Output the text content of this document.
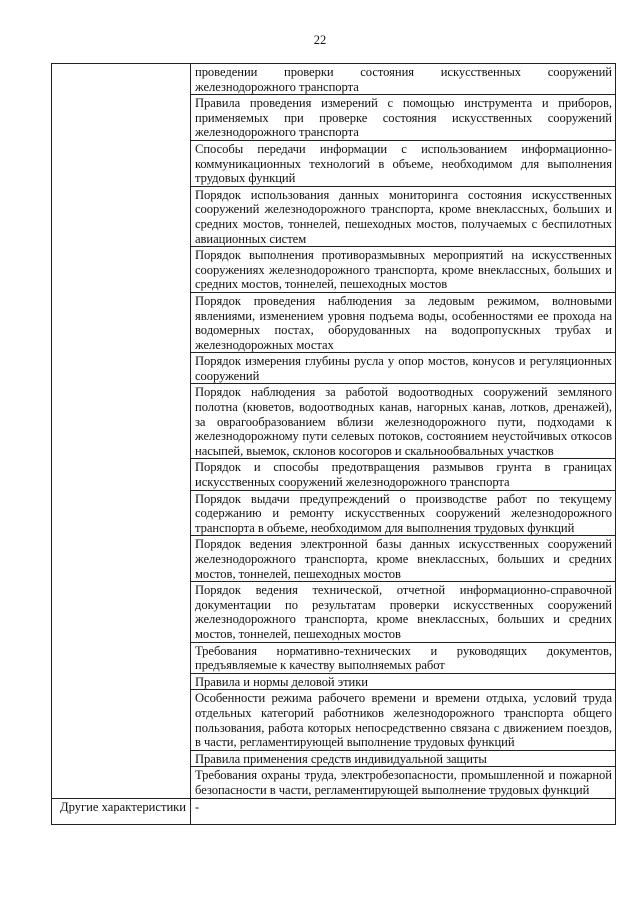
22
	проведении проверки состояния искусственных сооружений железнодорожного транспорта
	Правила проведения измерений с помощью инструмента и приборов, применяемых при проверке состояния искусственных сооружений железнодорожного транспорта
	Способы передачи информации с использованием информационно-коммуникационных технологий в объеме, необходимом для выполнения трудовых функций
	Порядок использования данных мониторинга состояния искусственных сооружений железнодорожного транспорта, кроме внеклассных, больших и средних мостов, тоннелей, пешеходных мостов, получаемых с беспилотных авиационных систем
	Порядок выполнения противоразмывных мероприятий на искусственных сооружениях железнодорожного транспорта, кроме внеклассных, больших и средних мостов, тоннелей, пешеходных мостов
	Порядок проведения наблюдения за ледовым режимом, волновыми явлениями, изменением уровня подъема воды, особенностями ее прохода на водомерных постах, оборудованных на водопропускных трубах и железнодорожных мостах
	Порядок измерения глубины русла у опор мостов, конусов и регуляционных сооружений
	Порядок наблюдения за работой водоотводных сооружений земляного полотна (кюветов, водоотводных канав, нагорных канав, лотков, дренажей), за оврагообразованием вблизи железнодорожного пути, подходами к железнодорожному пути селевых потоков, состоянием неустойчивых откосов насыпей, выемок, склонов косогоров и скальнообвальных участков
	Порядок и способы предотвращения размывов грунта в границах искусственных сооружений железнодорожного транспорта
	Порядок выдачи предупреждений о производстве работ по текущему содержанию и ремонту искусственных сооружений железнодорожного транспорта в объеме, необходимом для выполнения трудовых функций
	Порядок ведения электронной базы данных искусственных сооружений железнодорожного транспорта, кроме внеклассных, больших и средних мостов, тоннелей, пешеходных мостов
	Порядок ведения технической, отчетной информационно-справочной документации по результатам проверки искусственных сооружений железнодорожного транспорта, кроме внеклассных, больших и средних мостов, тоннелей, пешеходных мостов
	Требования нормативно-технических и руководящих документов, предъявляемые к качеству выполняемых работ
	Правила и нормы деловой этики
	Особенности режима рабочего времени и времени отдыха, условий труда отдельных категорий работников железнодорожного транспорта общего пользования, работа которых непосредственно связана с движением поездов, в части, регламентирующей выполнение трудовых функций
	Правила применения средств индивидуальной защиты
	Требования охраны труда, электробезопасности, промышленной и пожарной безопасности в части, регламентирующей выполнение трудовых функций
Другие характеристики	-
